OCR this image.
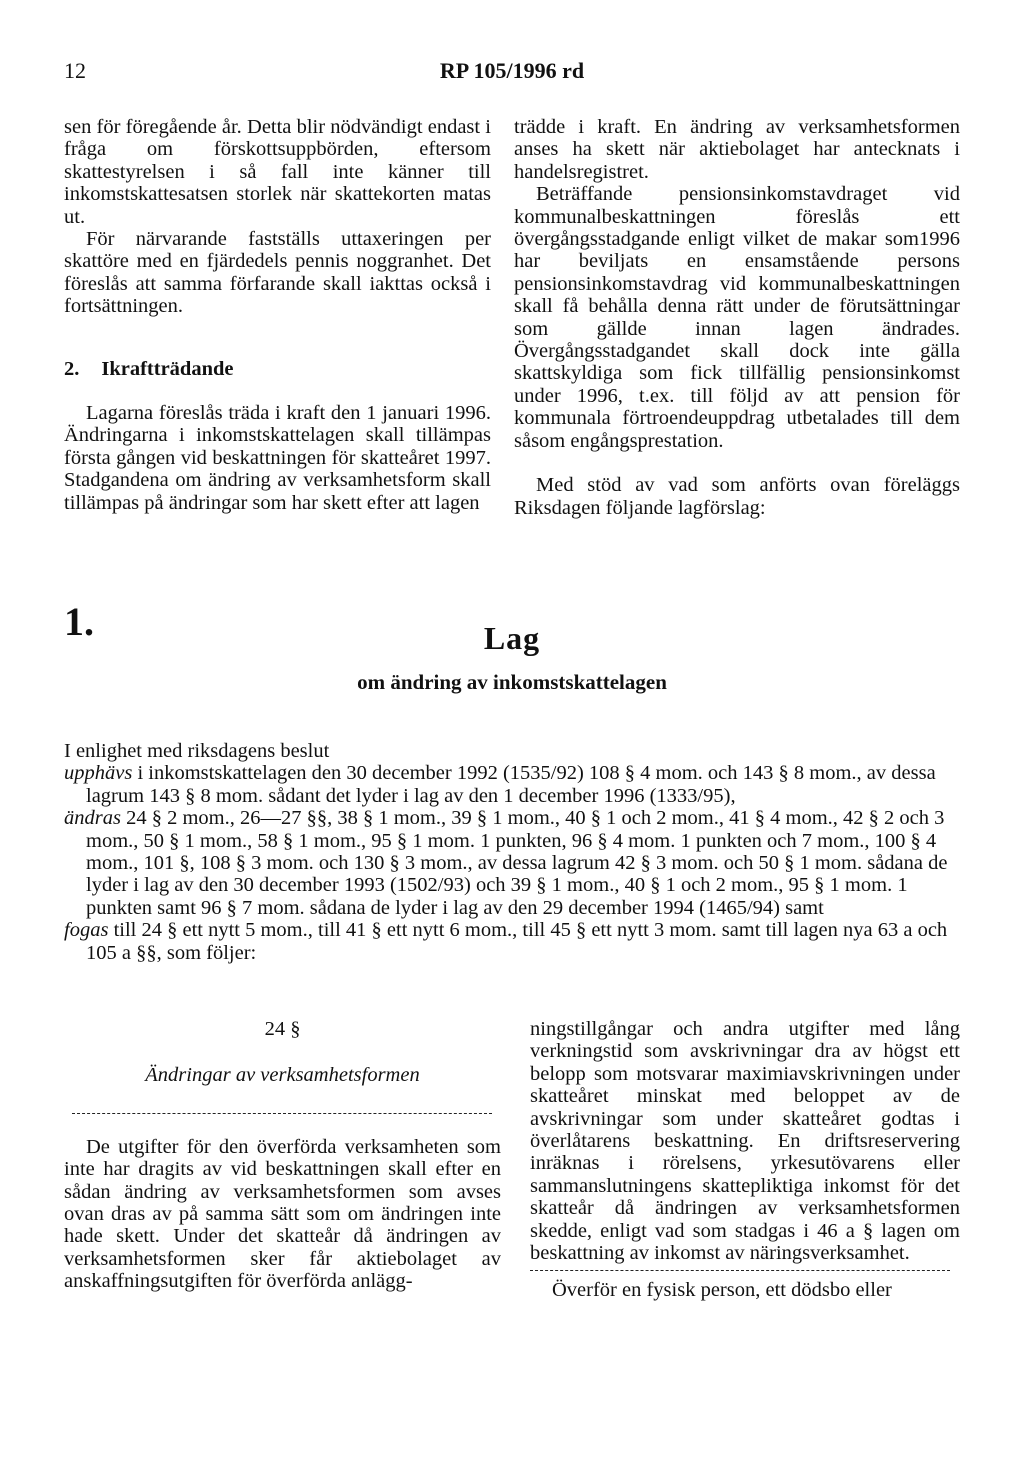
12	RP 105/1996 rd

sen för föregående år. Detta blir nödvändigt endast i fråga om förskottsuppbörden, eftersom skattestyrelsen i så fall inte känner till inkomstskattesatsen storlek när skattekorten matas ut.

För närvarande fastställs uttaxeringen per skattöre med en fjärdedels pennis noggranhet. Det föreslås att samma förfarande skall iakttas också i fortsättningen.

2. Ikraftträdande

Lagarna föreslås träda i kraft den 1 januari 1996. Ändringarna i inkomstskattelagen skall tillämpas första gången vid beskattningen för skatteåret 1997. Stadgandena om ändring av verksamhetsform skall tillämpas på ändringar som har skett efter att lagen

trädde i kraft. En ändring av verksamhetsformen anses ha skett när aktiebolaget har antecknats i handelsregistret.

Beträffande pensionsinkomstavdraget vid kommunalbeskattningen föreslås ett övergångsstadgande enligt vilket de makar som1996 har beviljats en ensamstående persons pensionsinkomstavdrag vid kommunalbeskattningen skall få behålla denna rätt under de förutsättningar som gällde innan lagen ändrades. Övergångsstadgandet skall dock inte gälla skattskyldiga som fick tillfällig pensionsinkomst under 1996, t.ex. till följd av att pension för kommunala förtroendeuppdrag utbetalades till dem såsom engångsprestation.

Med stöd av vad som anförts ovan föreläggs Riksdagen följande lagförslag:

1.	Lag
om ändring av inkomstskattelagen

I enlighet med riksdagens beslut

upphävs i inkomstskattelagen den 30 december 1992 (1535/92) 108 § 4 mom. och 143 § 8 mom., av dessa lagrum 143 § 8 mom. sådant det lyder i lag av den 1 december 1996 (1333/95),

ändras 24 § 2 mom., 26—27 §§, 38 § 1 mom., 39 § 1 mom., 40 § 1 och 2 mom., 41 § 4 mom., 42 § 2 och 3 mom., 50 § 1 mom., 58 § 1 mom., 95 § 1 mom. 1 punkten, 96 § 4 mom. 1 punkten och 7 mom., 100 § 4 mom., 101 §, 108 § 3 mom. och 130 § 3 mom., av dessa lagrum 42 § 3 mom. och 50 § 1 mom. sådana de lyder i lag av den 30 december 1993 (1502/93) och 39 § 1 mom., 40 § 1 och 2 mom., 95 § 1 mom. 1 punkten samt 96 § 7 mom. sådana de lyder i lag av den 29 december 1994 (1465/94) samt

fogas till 24 § ett nytt 5 mom., till 41 § ett nytt 6 mom., till 45 § ett nytt 3 mom. samt till lagen nya 63 a och 105 a §§, som följer:

24 §

Ändringar av verksamhetsformen

De utgifter för den överförda verksamheten som inte har dragits av vid beskattningen skall efter en sådan ändring av verksamhetsformen som avses ovan dras av på samma sätt som om ändringen inte hade skett. Under det skatteår då ändringen av verksamhetsformen sker får aktiebolaget av anskaffningsutgiften för överförda anlägg-

ningstillgångar och andra utgifter med lång verkningstid som avskrivningar dra av högst ett belopp som motsvarar maximiavskrivningen under skatteåret minskat med beloppet av de avskrivningar som under skatteåret godtas i överlåtarens beskattning. En driftsreservering inräknas i rörelsens, yrkesutövarens eller sammanslutningens skattepliktiga inkomst för det skatteår då ändringen av verksamhetsformen skedde, enligt vad som stadgas i 46 a § lagen om beskattning av inkomst av näringsverksamhet.

Överför en fysisk person, ett dödsbo eller
